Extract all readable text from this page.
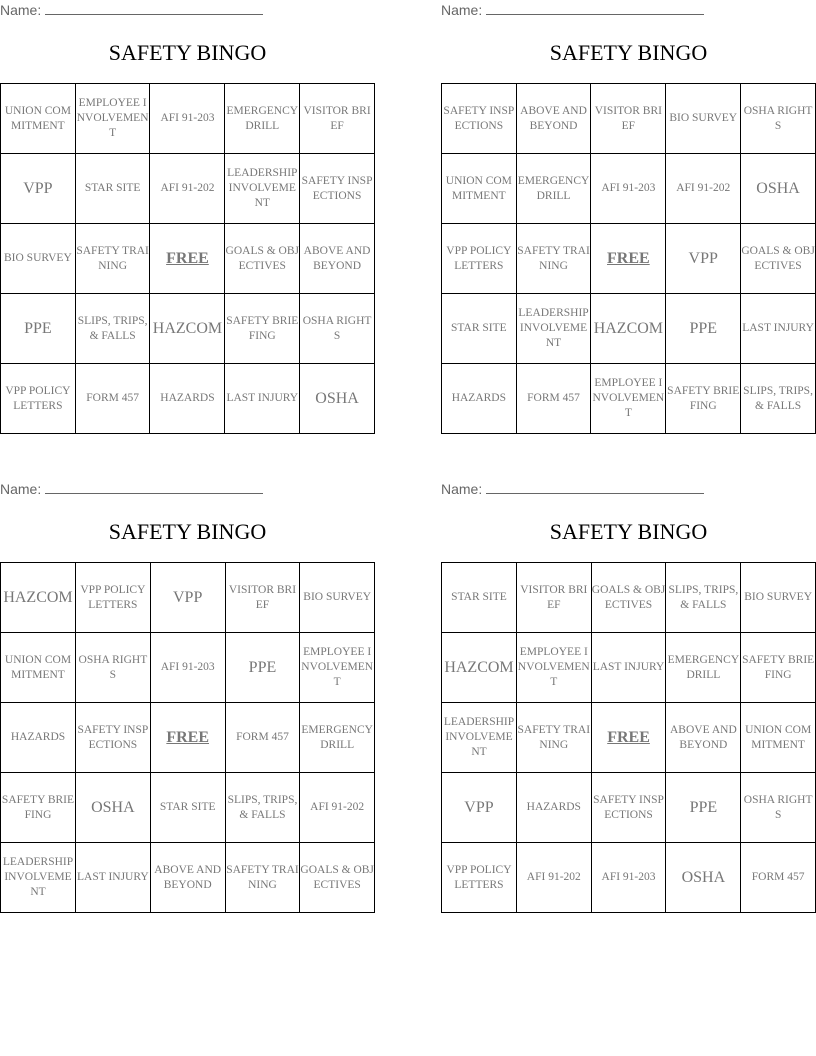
Name:
SAFETY BINGO
UNION COMMITMENT	EMPLOYEE INVOLVEMENT	AFI 91-203	EMERGENCY DRILL	VISITOR BRIEF
VPP	STAR SITE	AFI 91-202	LEADERSHIP INVOLVEMENT	SAFETY INSPECTIONS
BIO SURVEY	SAFETY TRAINING	FREE	GOALS & OBJECTIVES	ABOVE AND BEYOND
PPE	SLIPS, TRIPS, & FALLS	HAZCOM	SAFETY BRIEFING	OSHA RIGHTS
VPP POLICY LETTERS	FORM 457	HAZARDS	LAST INJURY	OSHA
Name:
SAFETY BINGO
SAFETY INSPECTIONS	ABOVE AND BEYOND	VISITOR BRIEF	BIO SURVEY	OSHA RIGHTS
UNION COMMITMENT	EMERGENCY DRILL	AFI 91-203	AFI 91-202	OSHA
VPP POLICY LETTERS	SAFETY TRAINING	FREE	VPP	GOALS & OBJECTIVES
STAR SITE	LEADERSHIP INVOLVEMENT	HAZCOM	PPE	LAST INJURY
HAZARDS	FORM 457	EMPLOYEE INVOLVEMENT	SAFETY BRIEFING	SLIPS, TRIPS, & FALLS
Name:
SAFETY BINGO
HAZCOM	VPP POLICY LETTERS	VPP	VISITOR BRIEF	BIO SURVEY
UNION COMMITMENT	OSHA RIGHTS	AFI 91-203	PPE	EMPLOYEE INVOLVEMENT
HAZARDS	SAFETY INSPECTIONS	FREE	FORM 457	EMERGENCY DRILL
SAFETY BRIEFING	OSHA	STAR SITE	SLIPS, TRIPS, & FALLS	AFI 91-202
LEADERSHIP INVOLVEMENT	LAST INJURY	ABOVE AND BEYOND	SAFETY TRAINING	GOALS & OBJECTIVES
Name:
SAFETY BINGO
STAR SITE	VISITOR BRIEF	GOALS & OBJECTIVES	SLIPS, TRIPS, & FALLS	BIO SURVEY
HAZCOM	EMPLOYEE INVOLVEMENT	LAST INJURY	EMERGENCY DRILL	SAFETY BRIEFING
LEADERSHIP INVOLVEMENT	SAFETY TRAINING	FREE	ABOVE AND BEYOND	UNION COMMITMENT
VPP	HAZARDS	SAFETY INSPECTIONS	PPE	OSHA RIGHTS
VPP POLICY LETTERS	AFI 91-202	AFI 91-203	OSHA	FORM 457
